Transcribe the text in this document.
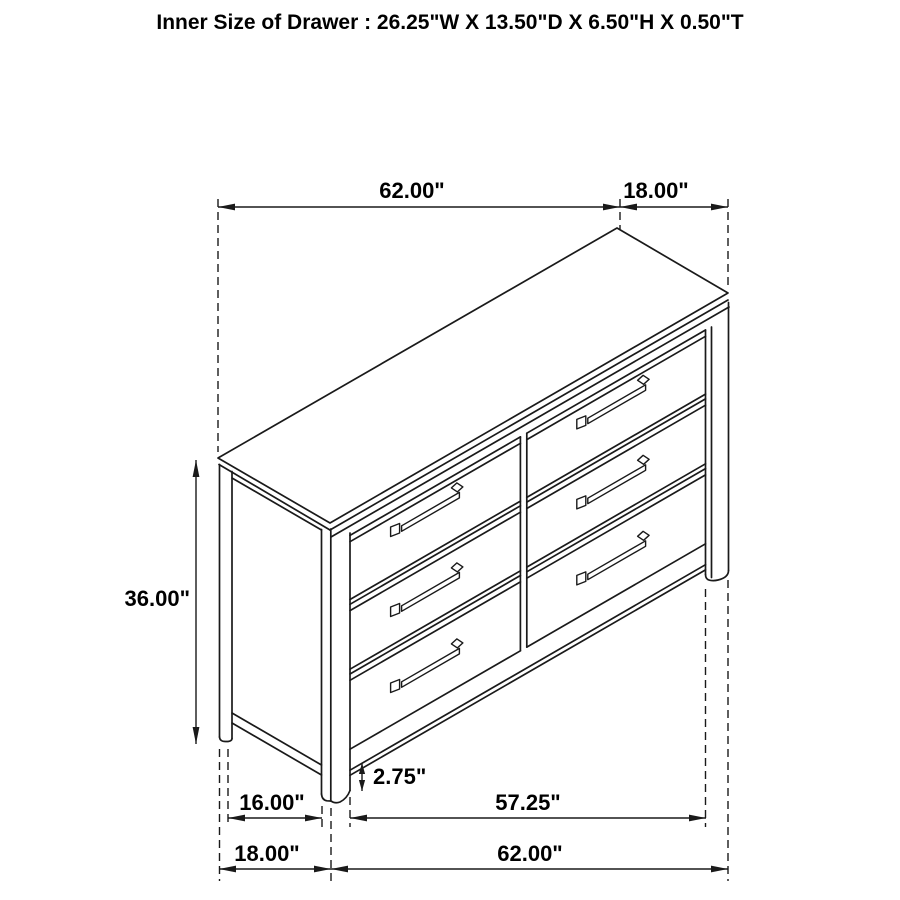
62.00"	18.00"
36.00"
2.75"
16.00"	57.25"
18.00"	62.00"
Inner Size of Drawer : 26.25"W X 13.50"D X 6.50"H X 0.50"T
